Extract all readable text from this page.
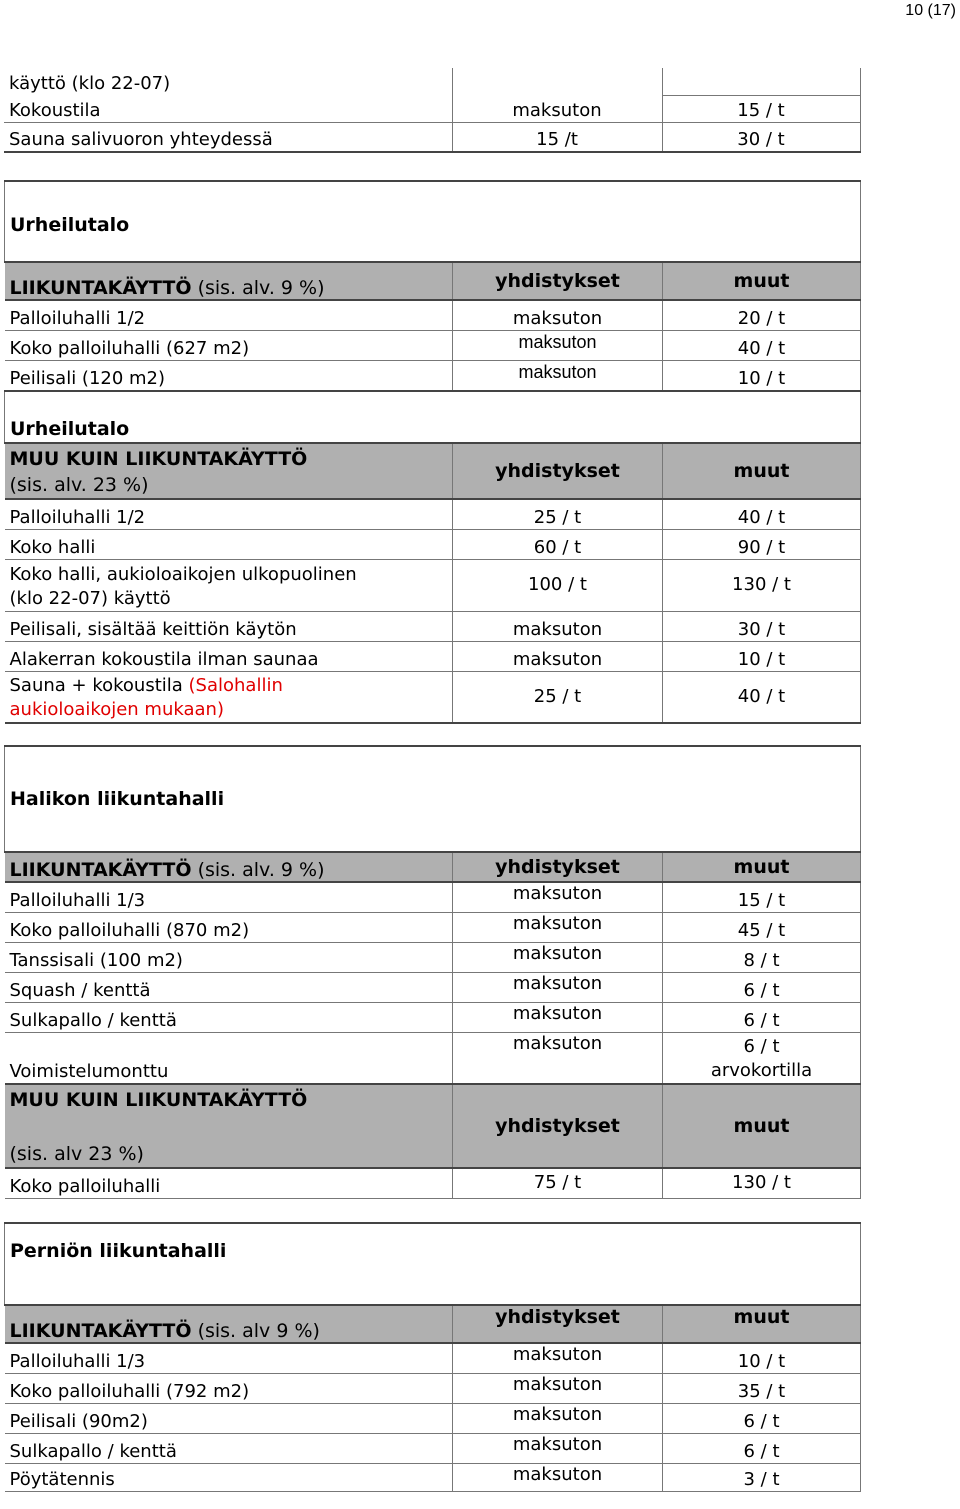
10 (17)
käyttö (klo 22-07)		
Kokoustila	maksuton	15 / t
Sauna salivuoron yhteydessä	15 /t	30 / t
Urheilutalo		
LIIKUNTAKÄYTTÖ (sis. alv. 9 %)	yhdistykset	muut
Palloiluhalli 1/2	maksuton	20 / t
Koko palloiluhalli (627 m2)	maksuton	40 / t
Peilisali (120 m2)	maksuton	10 / t
Urheilutalo		

MUU KUIN LIIKUNTAKÄYTTÖ
(sis. alv. 23 %)	yhdistykset	muut
Palloiluhalli 1/2	25 / t	40 / t
Koko halli	60 / t	90 / t

Koko halli, aukioloaikojen ulkopuolinen
(klo 22-07) käyttö	100 / t	130 / t
Peilisali, sisältää keittiön käytön	maksuton	30 / t
Alakerran kokoustila ilman saunaa	maksuton	10 / t
Sauna + kokoustila (Salohallin
aukioloaikojen mukaan)	25 / t	40 / t
Halikon liikuntahalli		
LIIKUNTAKÄYTTÖ (sis. alv. 9 %)	yhdistykset	muut
Palloiluhalli 1/3	maksuton	15 / t
Koko palloiluhalli (870 m2)	maksuton	45 / t
Tanssisali (100 m2)	maksuton	8 / t
Squash / kenttä	maksuton	6 / t
Sulkapallo / kenttä	maksuton	6 / t
Voimistelumonttu	maksuton	6 / t
arvokortilla

MUU KUIN LIIKUNTAKÄYTTÖ
(sis. alv 23 %)	yhdistykset	muut
Koko palloiluhalli	75 / t	130 / t
Perniön liikuntahalli		
LIIKUNTAKÄYTTÖ (sis. alv 9 %)	yhdistykset	muut
Palloiluhalli 1/3	maksuton	10 / t
Koko palloiluhalli (792 m2)	maksuton	35 / t
Peilisali (90m2)	maksuton	6 / t
Sulkapallo / kenttä	maksuton	6 / t
Pöytätennis	maksuton	3 / t
